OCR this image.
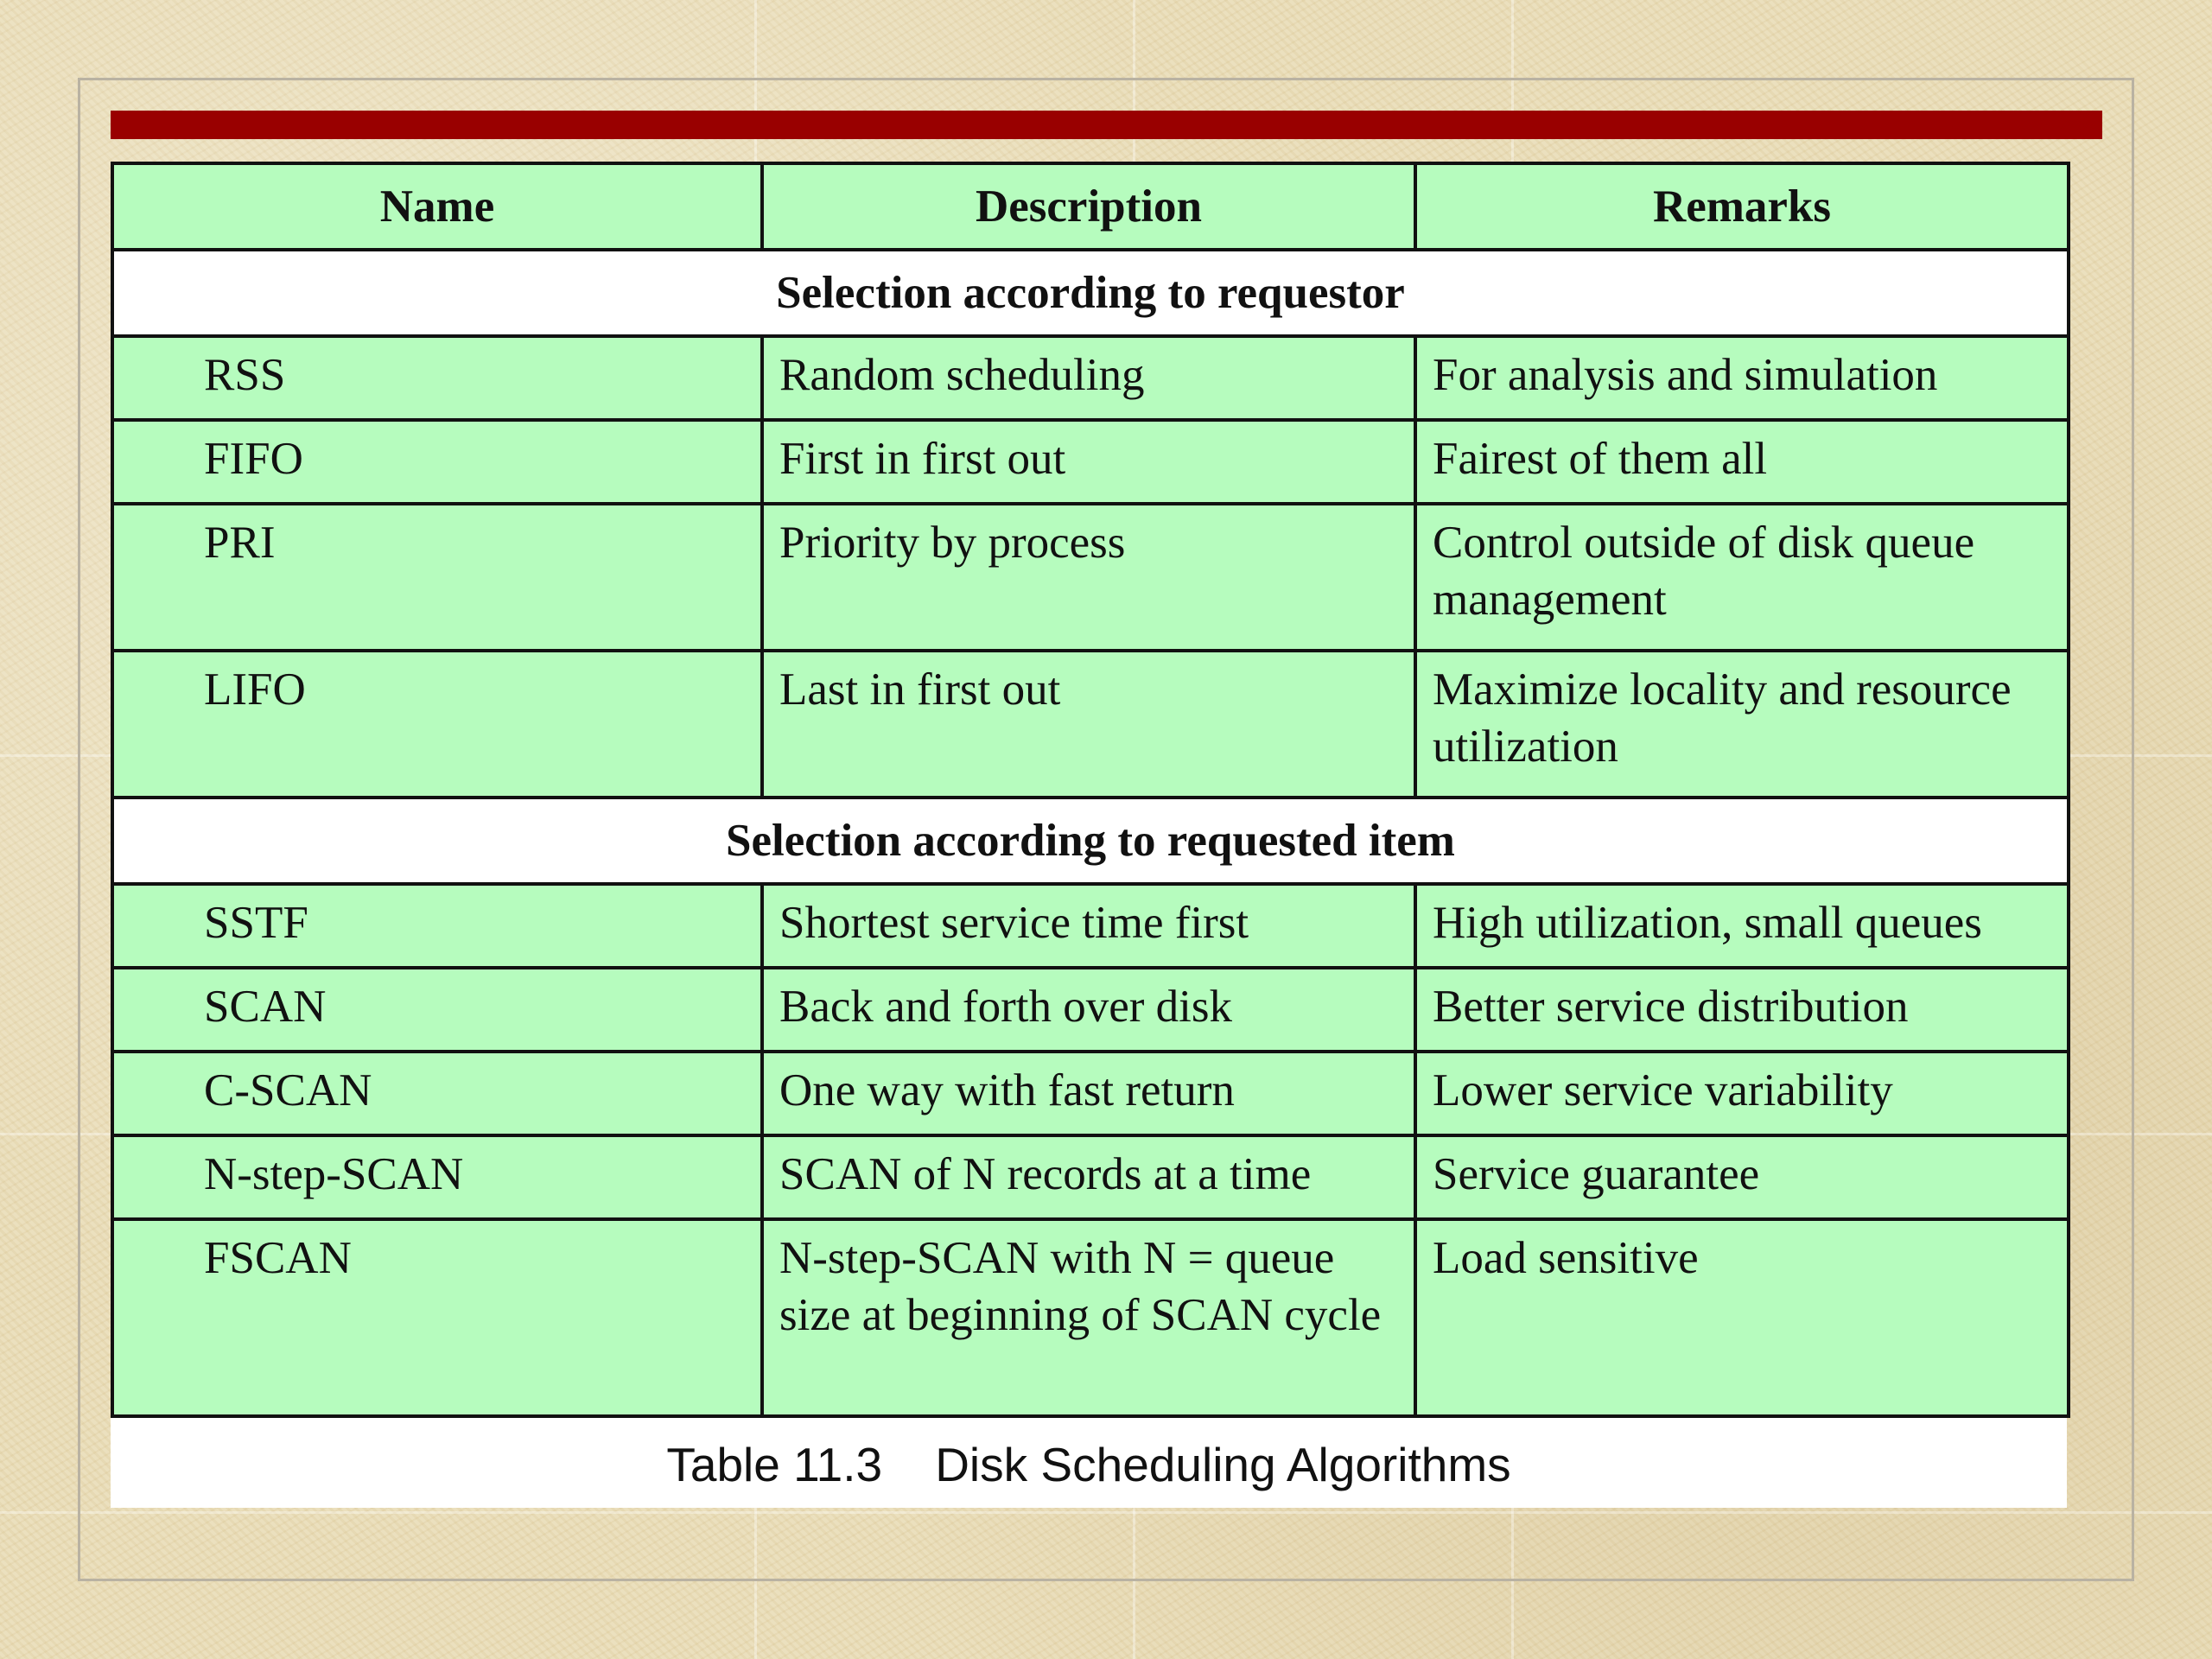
Name	Description	Remarks
Selection according to requestor		
RSS	Random scheduling	For analysis and simulation
FIFO	First in first out	Fairest of them all
PRI	Priority by process	Control outside of disk queue management
LIFO	Last in first out	Maximize locality and resource utilization
Selection according to requested item		
SSTF	Shortest service time first	High utilization, small queues
SCAN	Back and forth over disk	Better service distribution
C-SCAN	One way with fast return	Lower service variability
N-step-SCAN	SCAN of N records at a time	Service guarantee
FSCAN	N-step-SCAN with N = queue size at beginning of SCAN cycle	Load sensitive
Table 11.3    Disk Scheduling Algorithms
